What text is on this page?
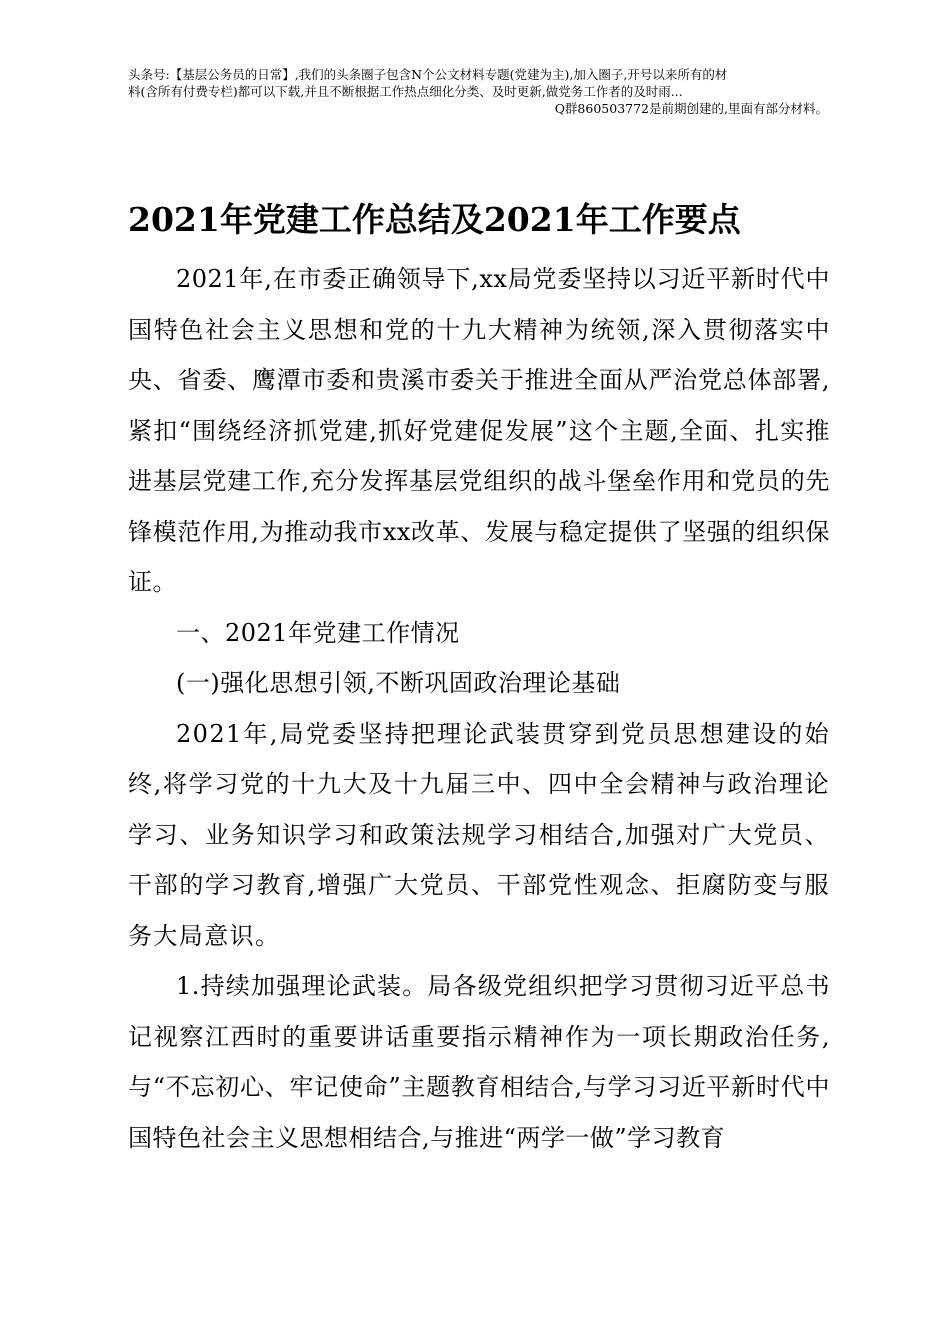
头条号:【基层公务员的日常】,我们的头条圈子包含N个公文材料专题(党建为主),加入圈子,开号以来所有的材
料(含所有付费专栏)都可以下载,并且不断根据工作热点细化分类、及时更新,做党务工作者的及时雨...
Q群860503772是前期创建的,里面有部分材料。
2021年党建工作总结及2021年工作要点

2021年,在市委正确领导下,xx局党委坚持以习近平新时代中国特色社会主义思想和党的十九大精神为统领,深入贯彻落实中央、省委、鹰潭市委和贵溪市委关于推进全面从严治党总体部署,紧扣“围绕经济抓党建,抓好党建促发展”这个主题,全面、扎实推进基层党建工作,充分发挥基层党组织的战斗堡垒作用和党员的先锋模范作用,为推动我市xx改革、发展与稳定提供了坚强的组织保证。

一、2021年党建工作情况

(一)强化思想引领,不断巩固政治理论基础

2021年,局党委坚持把理论武装贯穿到党员思想建设的始终,将学习党的十九大及十九届三中、四中全会精神与政治理论学习、业务知识学习和政策法规学习相结合,加强对广大党员、干部的学习教育,增强广大党员、干部党性观念、拒腐防变与服务大局意识。

1.持续加强理论武装。局各级党组织把学习贯彻习近平总书记视察江西时的重要讲话重要指示精神作为一项长期政治任务,与“不忘初心、牢记使命”主题教育相结合,与学习习近平新时代中国特色社会主义思想相结合,与推进“两学一做”学习教育
